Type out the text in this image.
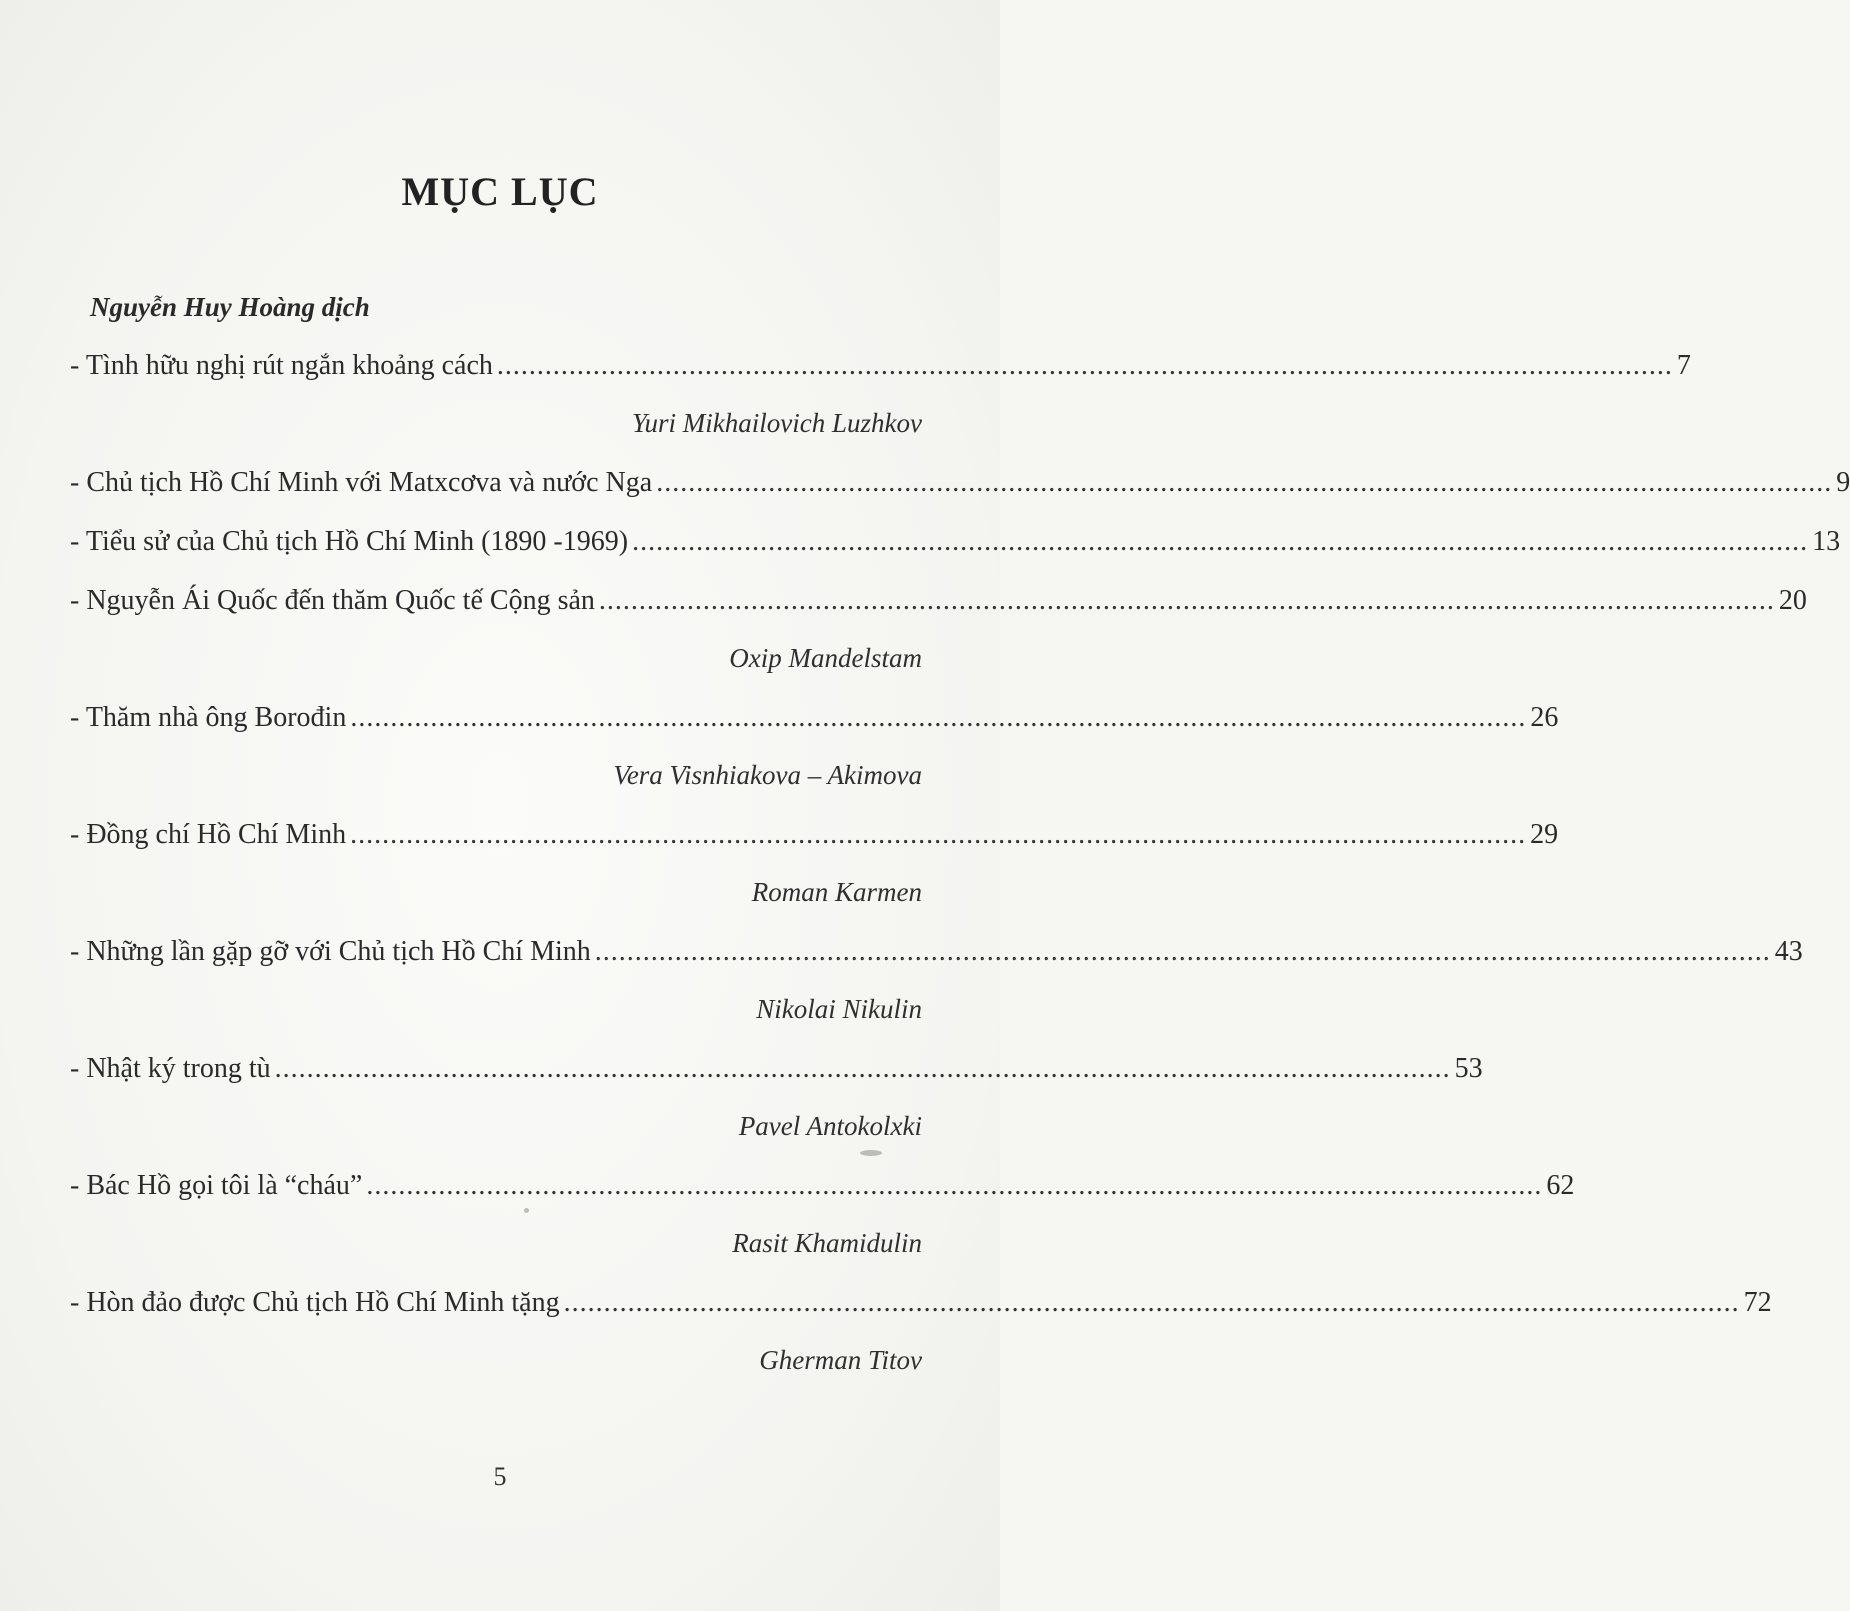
MỤC LỤC
Nguyễn Huy Hoàng dịch
- Tình hữu nghị rút ngắn khoảng cách ................................................................................................................................................... 7
Yuri Mikhailovich Luzhkov
- Chủ tịch Hồ Chí Minh với Matxcơva và nước Nga ................................................................................................................................................... 9
- Tiểu sử của Chủ tịch Hồ Chí Minh (1890 -1969) ................................................................................................................................................... 13
- Nguyễn Ái Quốc đến thăm Quốc tế Cộng sản ................................................................................................................................................... 20
Oxip Mandelstam
- Thăm nhà ông Borođin ................................................................................................................................................... 26
Vera Visnhiakova – Akimova
- Đồng chí Hồ Chí Minh ................................................................................................................................................... 29
Roman Karmen
- Những lần gặp gỡ với Chủ tịch Hồ Chí Minh ................................................................................................................................................... 43
Nikolai Nikulin
- Nhật ký trong tù ................................................................................................................................................... 53
Pavel Antokolxki
- Bác Hồ gọi tôi là “cháu” ................................................................................................................................................... 62
Rasit Khamidulin
- Hòn đảo được Chủ tịch Hồ Chí Minh tặng ................................................................................................................................................... 72
Gherman Titov
5
